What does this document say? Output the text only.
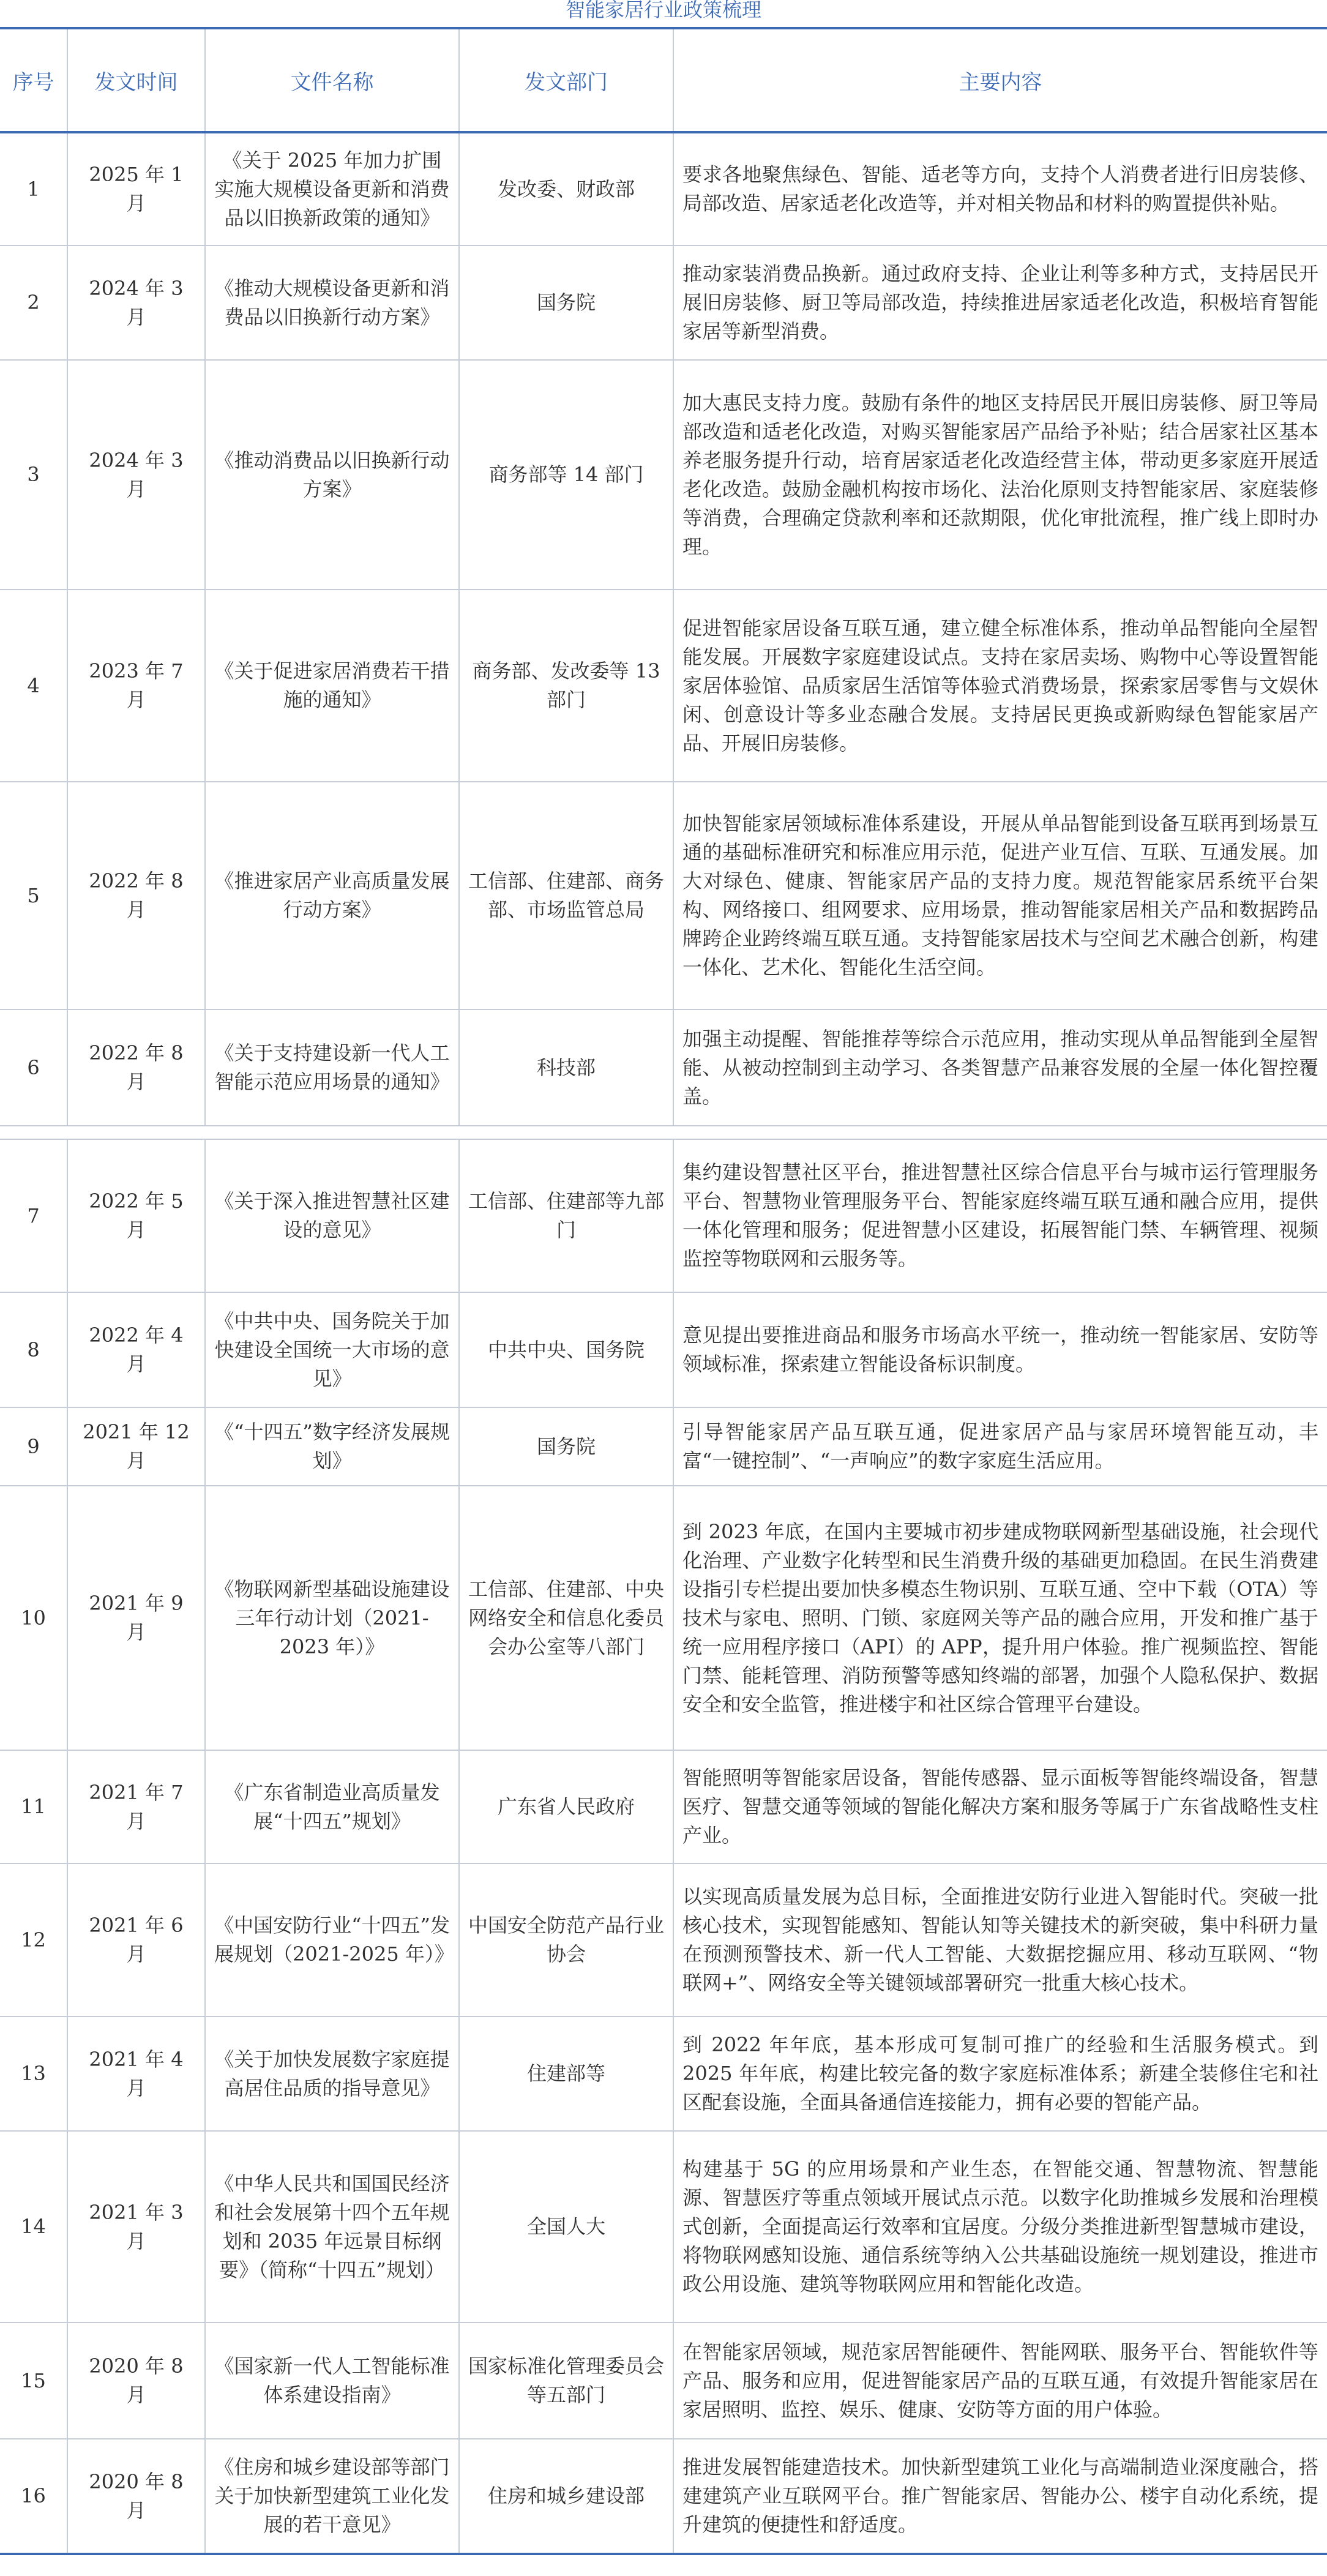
智能家居行业政策梳理
序号	发文时间	文件名称	发文部门	主要内容
1	2025 年 1 月	《关于 2025 年加力扩围实施大规模设备更新和消费品以旧换新政策的通知》	发改委、财政部	要求各地聚焦绿色、智能、适老等方向，支持个人消费者进行旧房装修、局部改造、居家适老化改造等，并对相关物品和材料的购置提供补贴。
2	2024 年 3 月	《推动大规模设备更新和消费品以旧换新行动方案》	国务院	推动家装消费品换新。通过政府支持、企业让利等多种方式，支持居民开展旧房装修、厨卫等局部改造，持续推进居家适老化改造，积极培育智能家居等新型消费。
3	2024 年 3 月	《推动消费品以旧换新行动方案》	商务部等 14 部门	加大惠民支持力度。鼓励有条件的地区支持居民开展旧房装修、厨卫等局部改造和适老化改造，对购买智能家居产品给予补贴；结合居家社区基本养老服务提升行动，培育居家适老化改造经营主体，带动更多家庭开展适老化改造。鼓励金融机构按市场化、法治化原则支持智能家居、家庭装修等消费，合理确定贷款利率和还款期限，优化审批流程，推广线上即时办理。
4	2023 年 7 月	《关于促进家居消费若干措施的通知》	商务部、发改委等 13 部门	促进智能家居设备互联互通，建立健全标准体系，推动单品智能向全屋智能发展。开展数字家庭建设试点。支持在家居卖场、购物中心等设置智能家居体验馆、品质家居生活馆等体验式消费场景，探索家居零售与文娱休闲、创意设计等多业态融合发展。支持居民更换或新购绿色智能家居产品、开展旧房装修。
5	2022 年 8 月	《推进家居产业高质量发展行动方案》	工信部、住建部、商务部、市场监管总局	加快智能家居领域标准体系建设，开展从单品智能到设备互联再到场景互通的基础标准研究和标准应用示范，促进产业互信、互联、互通发展。加大对绿色、健康、智能家居产品的支持力度。规范智能家居系统平台架构、网络接口、组网要求、应用场景，推动智能家居相关产品和数据跨品牌跨企业跨终端互联互通。支持智能家居技术与空间艺术融合创新，构建一体化、艺术化、智能化生活空间。
6	2022 年 8 月	《关于支持建设新一代人工智能示范应用场景的通知》	科技部	加强主动提醒、智能推荐等综合示范应用，推动实现从单品智能到全屋智能、从被动控制到主动学习、各类智慧产品兼容发展的全屋一体化智控覆盖。

7	2022 年 5 月	《关于深入推进智慧社区建设的意见》	工信部、住建部等九部门	集约建设智慧社区平台，推进智慧社区综合信息平台与城市运行管理服务平台、智慧物业管理服务平台、智能家庭终端互联互通和融合应用，提供一体化管理和服务；促进智慧小区建设，拓展智能门禁、车辆管理、视频监控等物联网和云服务等。
8	2022 年 4 月	《中共中央、国务院关于加快建设全国统一大市场的意见》	中共中央、国务院	意见提出要推进商品和服务市场高水平统一，推动统一智能家居、安防等领域标准，探索建立智能设备标识制度。
9	2021 年 12 月	《“十四五”数字经济发展规划》	国务院	引导智能家居产品互联互通，促进家居产品与家居环境智能互动，丰富“一键控制”、“一声响应”的数字家庭生活应用。
10	2021 年 9 月	《物联网新型基础设施建设三年行动计划（2021-2023 年）》	工信部、住建部、中央网络安全和信息化委员会办公室等八部门	到 2023 年底，在国内主要城市初步建成物联网新型基础设施，社会现代化治理、产业数字化转型和民生消费升级的基础更加稳固。在民生消费建设指引专栏提出要加快多模态生物识别、互联互通、空中下载（OTA）等技术与家电、照明、门锁、家庭网关等产品的融合应用，开发和推广基于统一应用程序接口（API）的 APP，提升用户体验。推广视频监控、智能门禁、能耗管理、消防预警等感知终端的部署，加强个人隐私保护、数据安全和安全监管，推进楼宇和社区综合管理平台建设。
11	2021 年 7 月	《广东省制造业高质量发展“十四五”规划》	广东省人民政府	智能照明等智能家居设备，智能传感器、显示面板等智能终端设备，智慧医疗、智慧交通等领域的智能化解决方案和服务等属于广东省战略性支柱产业。
12	2021 年 6 月	《中国安防行业“十四五”发展规划（2021-2025 年）》	中国安全防范产品行业协会	以实现高质量发展为总目标，全面推进安防行业进入智能时代。突破一批核心技术，实现智能感知、智能认知等关键技术的新突破，集中科研力量在预测预警技术、新一代人工智能、大数据挖掘应用、移动互联网、“物联网+”、网络安全等关键领域部署研究一批重大核心技术。
13	2021 年 4 月	《关于加快发展数字家庭提高居住品质的指导意见》	住建部等	到 2022 年年底，基本形成可复制可推广的经验和生活服务模式。到 2025 年年底，构建比较完备的数字家庭标准体系；新建全装修住宅和社区配套设施，全面具备通信连接能力，拥有必要的智能产品。
14	2021 年 3 月	《中华人民共和国国民经济和社会发展第十四个五年规划和 2035 年远景目标纲要》（简称“十四五”规划）	全国人大	构建基于 5G 的应用场景和产业生态，在智能交通、智慧物流、智慧能源、智慧医疗等重点领域开展试点示范。以数字化助推城乡发展和治理模式创新，全面提高运行效率和宜居度。分级分类推进新型智慧城市建设，将物联网感知设施、通信系统等纳入公共基础设施统一规划建设，推进市政公用设施、建筑等物联网应用和智能化改造。
15	2020 年 8 月	《国家新一代人工智能标准体系建设指南》	国家标准化管理委员会等五部门	在智能家居领域，规范家居智能硬件、智能网联、服务平台、智能软件等产品、服务和应用，促进智能家居产品的互联互通，有效提升智能家居在家居照明、监控、娱乐、健康、安防等方面的用户体验。
16	2020 年 8 月	《住房和城乡建设部等部门关于加快新型建筑工业化发展的若干意见》	住房和城乡建设部	推进发展智能建造技术。加快新型建筑工业化与高端制造业深度融合，搭建建筑产业互联网平台。推广智能家居、智能办公、楼宇自动化系统，提升建筑的便捷性和舒适度。
